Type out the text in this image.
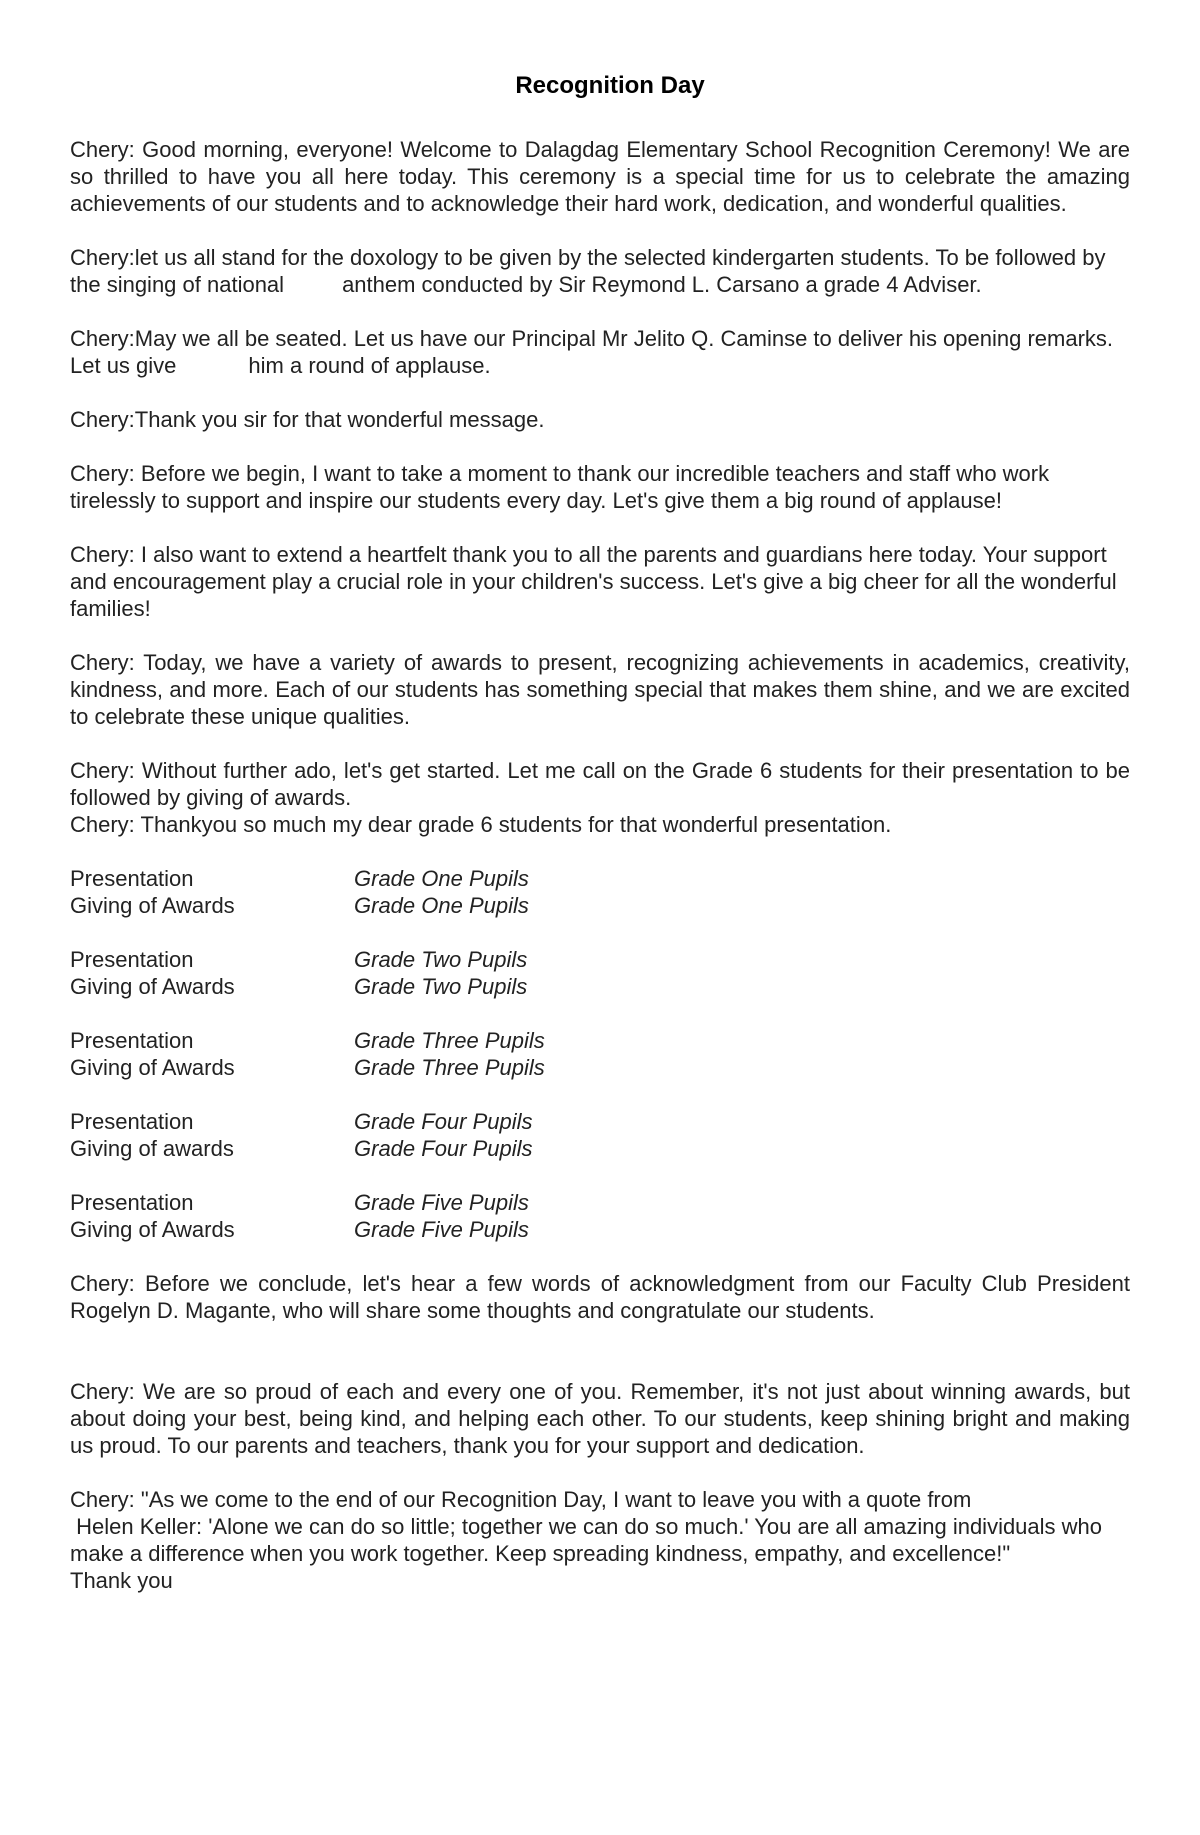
Recognition Day

Chery: Good morning, everyone! Welcome to Dalagdag Elementary School Recognition Ceremony! We are so thrilled to have you all here today. This ceremony is a special time for us to celebrate the amazing achievements of our students and to acknowledge their hard work, dedication, and wonderful qualities.

Chery:let us all stand for the doxology to be given by the selected kindergarten students. To be followed by the singing of national	anthem conducted by Sir Reymond L. Carsano a grade 4 Adviser.

Chery:May we all be seated. Let us have our Principal Mr Jelito Q. Caminse to deliver his opening remarks. Let us give	him a round of applause.

Chery:Thank you sir for that wonderful message.

Chery: Before we begin, I want to take a moment to thank our incredible teachers and staff who work tirelessly to support and inspire our students every day. Let's give them a big round of applause!

Chery: I also want to extend a heartfelt thank you to all the parents and guardians here today. Your support and encouragement play a crucial role in your children's success. Let's give a big cheer for all the wonderful families!

Chery: Today, we have a variety of awards to present, recognizing achievements in academics, creativity, kindness, and more. Each of our students has something special that makes them shine, and we are excited to celebrate these unique qualities.

Chery: Without further ado, let's get started. Let me call on the Grade 6 students for their presentation to be followed by giving of awards.

Chery: Thankyou so much my dear grade 6 students for that wonderful presentation.

Presentation	Grade One Pupils
Giving of Awards	Grade One Pupils
Presentation	Grade Two Pupils
Giving of Awards	Grade Two Pupils
Presentation	Grade Three Pupils
Giving of Awards	Grade Three Pupils
Presentation	Grade Four Pupils
Giving of awards	Grade Four Pupils
Presentation	Grade Five Pupils
Giving of Awards	Grade Five Pupils

Chery: Before we conclude, let's hear a few words of acknowledgment from our Faculty Club President Rogelyn D. Magante, who will share some thoughts and congratulate our students.

Chery: We are so proud of each and every one of you. Remember, it's not just about winning awards, but about doing your best, being kind, and helping each other. To our students, keep shining bright and making us proud. To our parents and teachers, thank you for your support and dedication.

Chery: "As we come to the end of our Recognition Day, I want to leave you with a quote from
Helen Keller: 'Alone we can do so little; together we can do so much.' You are all amazing individuals who make a difference when you work together. Keep spreading kindness, empathy, and excellence!"
Thank you
